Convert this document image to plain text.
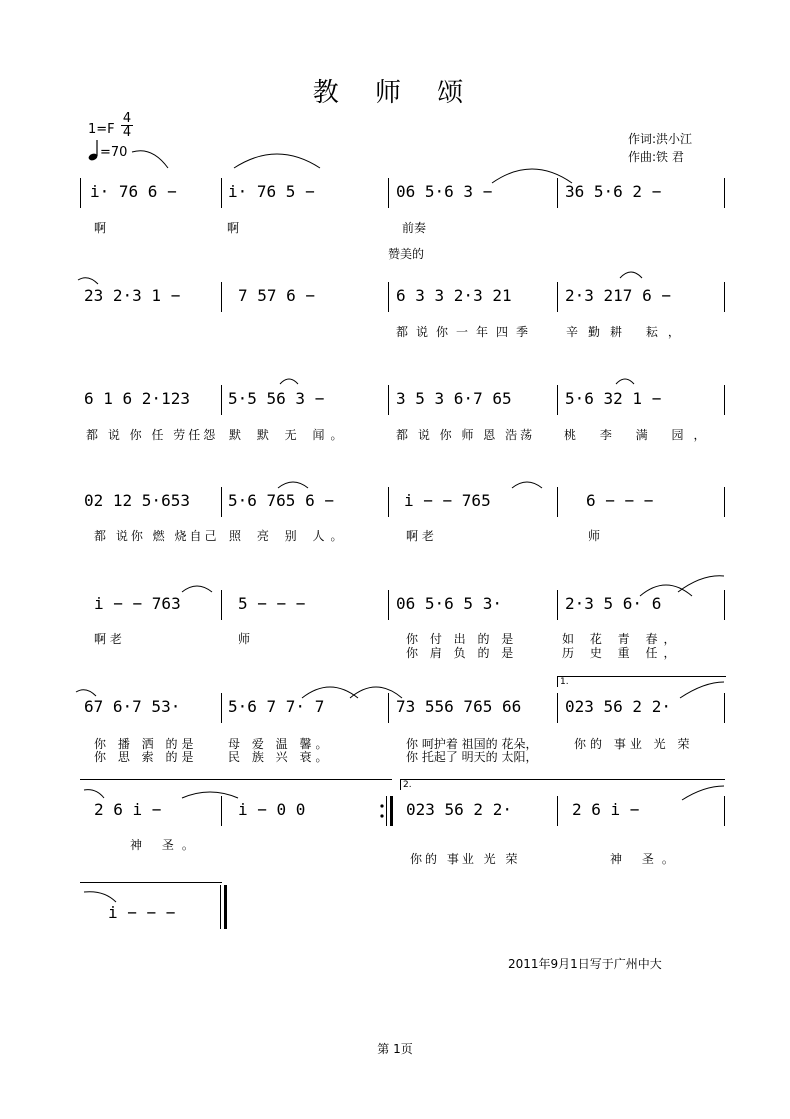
教 师 颂
1=F
4
4
=70
作词:洪小江
作曲:铁 君
i· 76 6 −	i· 76 5 −	06 5·6 3 −	36 5·6 2 −
啊	啊	前奏
赞美的
23 2·3 1 −	7 57 6 −	6 3 3 2·3 21	2·3 217 6 −
都说你一年四季 辛勤耕 耘，
6 1 6 2·123 5·5 56 3 −	3 5 3 6·7 65	5·6 32 1 −
都 说 你 任 劳任怨 默 默 无 闻。	都 说 你 师 恩 浩荡 桃 李 满 园，
02 12 5·653 5·6 765 6 −	i − − 765	6 − − −
都 说你 燃 烧自己 照 亮 别 人。	啊 老	师
i − − 763	5 − − −	06 5·6 5 3·	2·3 5 6· 6
啊 老	师	你 付 出 的 是	如 花 青 春，
你 肩 负 的 是	历 史 重 任，
1.
67 6·7 53·	5·6 7 7· 7	73 556 765 66	023 56 2 2·
你 播 洒 的是	母 爱 温 馨。	你 呵护着 祖国的 花朵，	你的 事业 光 荣
你 思 索 的是	民 族 兴 衰。	你 托起了 明天的 太阳，
2.
2 6 i −	i − 0 0	023 56 2 2·	2 6 i −
神 圣。
你的 事业 光 荣	神 圣。
i − − −
2011年9月1日写于广州中大
第 1页
